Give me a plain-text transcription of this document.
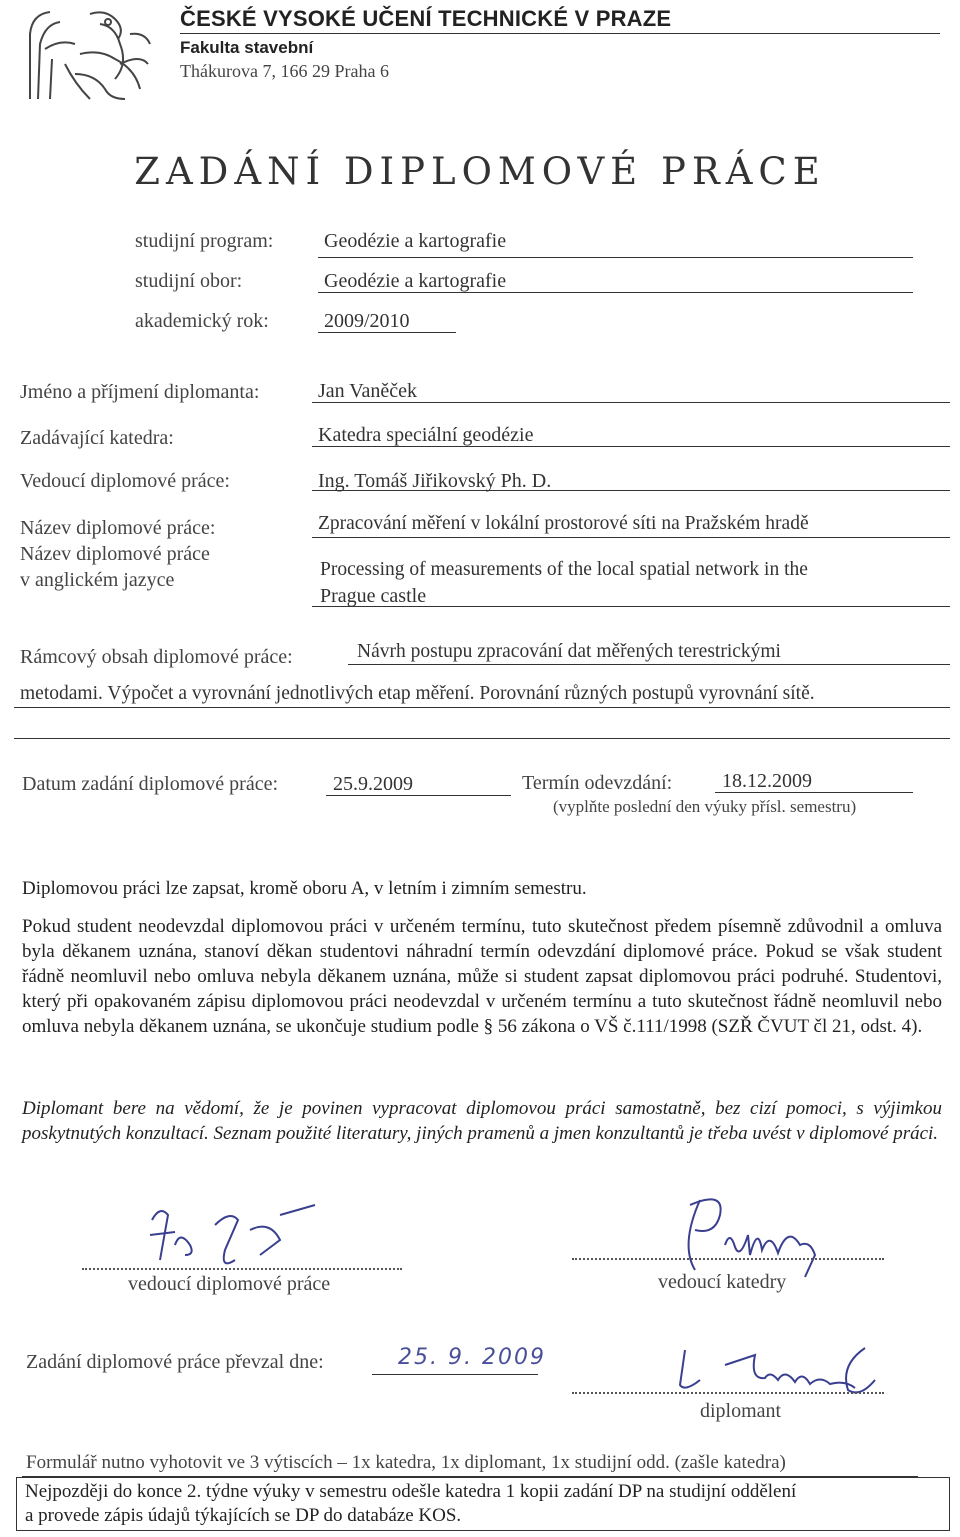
ČESKÉ VYSOKÉ UČENÍ TECHNICKÉ V PRAZE
Fakulta stavební
Thákurova 7, 166 29 Praha 6
ZADÁNÍ DIPLOMOVÉ PRÁCE
studijní program:	Geodézie a kartografie
studijní obor:	Geodézie a kartografie
akademický rok:	2009/2010
Jméno a příjmení diplomanta:	Jan Vaněček
Zadávající katedra:	Katedra speciální geodézie
Vedoucí diplomové práce:	Ing. Tomáš Jiřikovský Ph. D.
Název diplomové práce:	Zpracování měření v lokální prostorové síti na Pražském hradě
Název diplomové práce
v anglickém jazyce	Processing of measurements of the local spatial network in the
Prague castle
Rámcový obsah diplomové práce:	Návrh postupu zpracování dat měřených terestrickými
metodami. Výpočet a vyrovnání jednotlivých etap měření. Porovnání různých postupů vyrovnání sítě.
Datum zadání diplomové práce:	25.9.2009	Termín odevzdání: 18.12.2009
(vyplňte poslední den výuky přísl. semestru)
Diplomovou práci lze zapsat, kromě oboru A, v letním i zimním semestru.
Pokud student neodevzdal diplomovou práci v určeném termínu, tuto skutečnost předem písemně zdůvodnil a omluva byla děkanem uznána, stanoví děkan studentovi náhradní termín odevzdání diplomové práce. Pokud se však student řádně neomluvil nebo omluva nebyla děkanem uznána, může si student zapsat diplomovou práci podruhé. Studentovi, který při opakovaném zápisu diplomovou práci neodevzdal v určeném termínu a tuto skutečnost řádně neomluvil nebo omluva nebyla děkanem uznána, se ukončuje studium podle § 56 zákona o VŠ č.111/1998 (SZŘ ČVUT čl 21, odst. 4).
Diplomant bere na vědomí, že je povinen vypracovat diplomovou práci samostatně, bez cizí pomoci, s výjimkou poskytnutých konzultací. Seznam použité literatury, jiných pramenů a jmen konzultantů je třeba uvést v diplomové práci.
vedoucí diplomové práce	vedoucí katedry
Zadání diplomové práce převzal dne:	25. 9. 2009
diplomant
Formulář nutno vyhotovit ve 3 výtiscích – 1x katedra, 1x diplomant, 1x studijní odd. (zašle katedra)
Nejpozději do konce 2. týdne výuky v semestru odešle katedra 1 kopii zadání DP na studijní oddělení
a provede zápis údajů týkajících se DP do databáze KOS.
